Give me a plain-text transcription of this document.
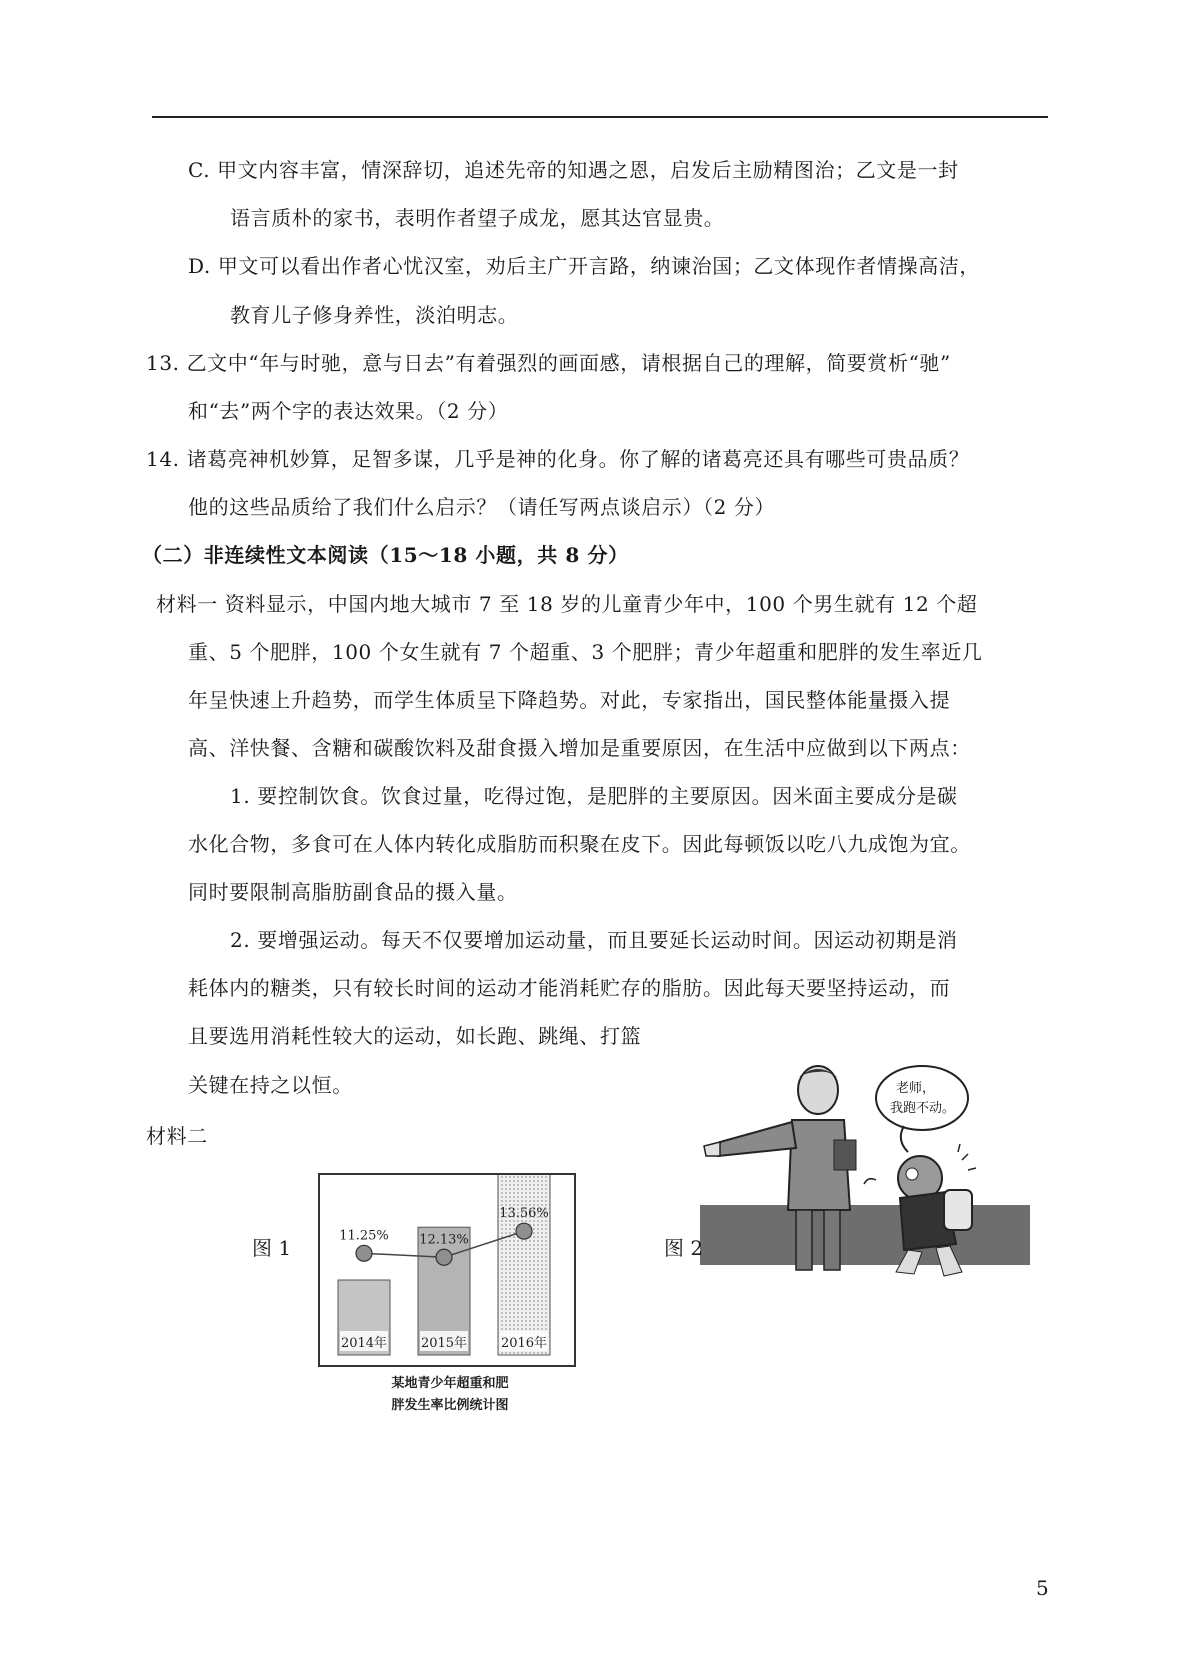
C. 甲文内容丰富，情深辞切，追述先帝的知遇之恩，启发后主励精图治；乙文是一封
语言质朴的家书，表明作者望子成龙，愿其达官显贵。
D. 甲文可以看出作者心忧汉室，劝后主广开言路，纳谏治国；乙文体现作者情操高洁，
教育儿子修身养性，淡泊明志。
13. 乙文中“年与时驰，意与日去”有着强烈的画面感，请根据自己的理解，简要赏析“驰”
和“去”两个字的表达效果。（2 分）
14. 诸葛亮神机妙算，足智多谋，几乎是神的化身。你了解的诸葛亮还具有哪些可贵品质？
他的这些品质给了我们什么启示？（请任写两点谈启示）（2 分）
（二）非连续性文本阅读（15～18 小题，共 8 分）
材料一 资料显示，中国内地大城市 7 至 18 岁的儿童青少年中，100 个男生就有 12 个超
重、5 个肥胖，100 个女生就有 7 个超重、3 个肥胖；青少年超重和肥胖的发生率近几
年呈快速上升趋势，而学生体质呈下降趋势。对此，专家指出，国民整体能量摄入提
高、洋快餐、含糖和碳酸饮料及甜食摄入增加是重要原因，在生活中应做到以下两点：
1. 要控制饮食。饮食过量，吃得过饱，是肥胖的主要原因。因米面主要成分是碳
水化合物，多食可在人体内转化成脂肪而积聚在皮下。因此每顿饭以吃八九成饱为宜。
同时要限制高脂肪副食品的摄入量。
2. 要增强运动。每天不仅要增加运动量，而且要延长运动时间。因运动初期是消
耗体内的糖类，只有较长时间的运动才能消耗贮存的脂肪。因此每天要坚持运动，而
且要选用消耗性较大的运动，如长跑、跳绳、打篮
关键在持之以恒。
材料二
图 1
2014年	2015年	2016年
11.25% 12.13%
13.56%
某地青少年超重和肥
胖发生率比例统计图
老师，
我跑不动。
图 2
5
